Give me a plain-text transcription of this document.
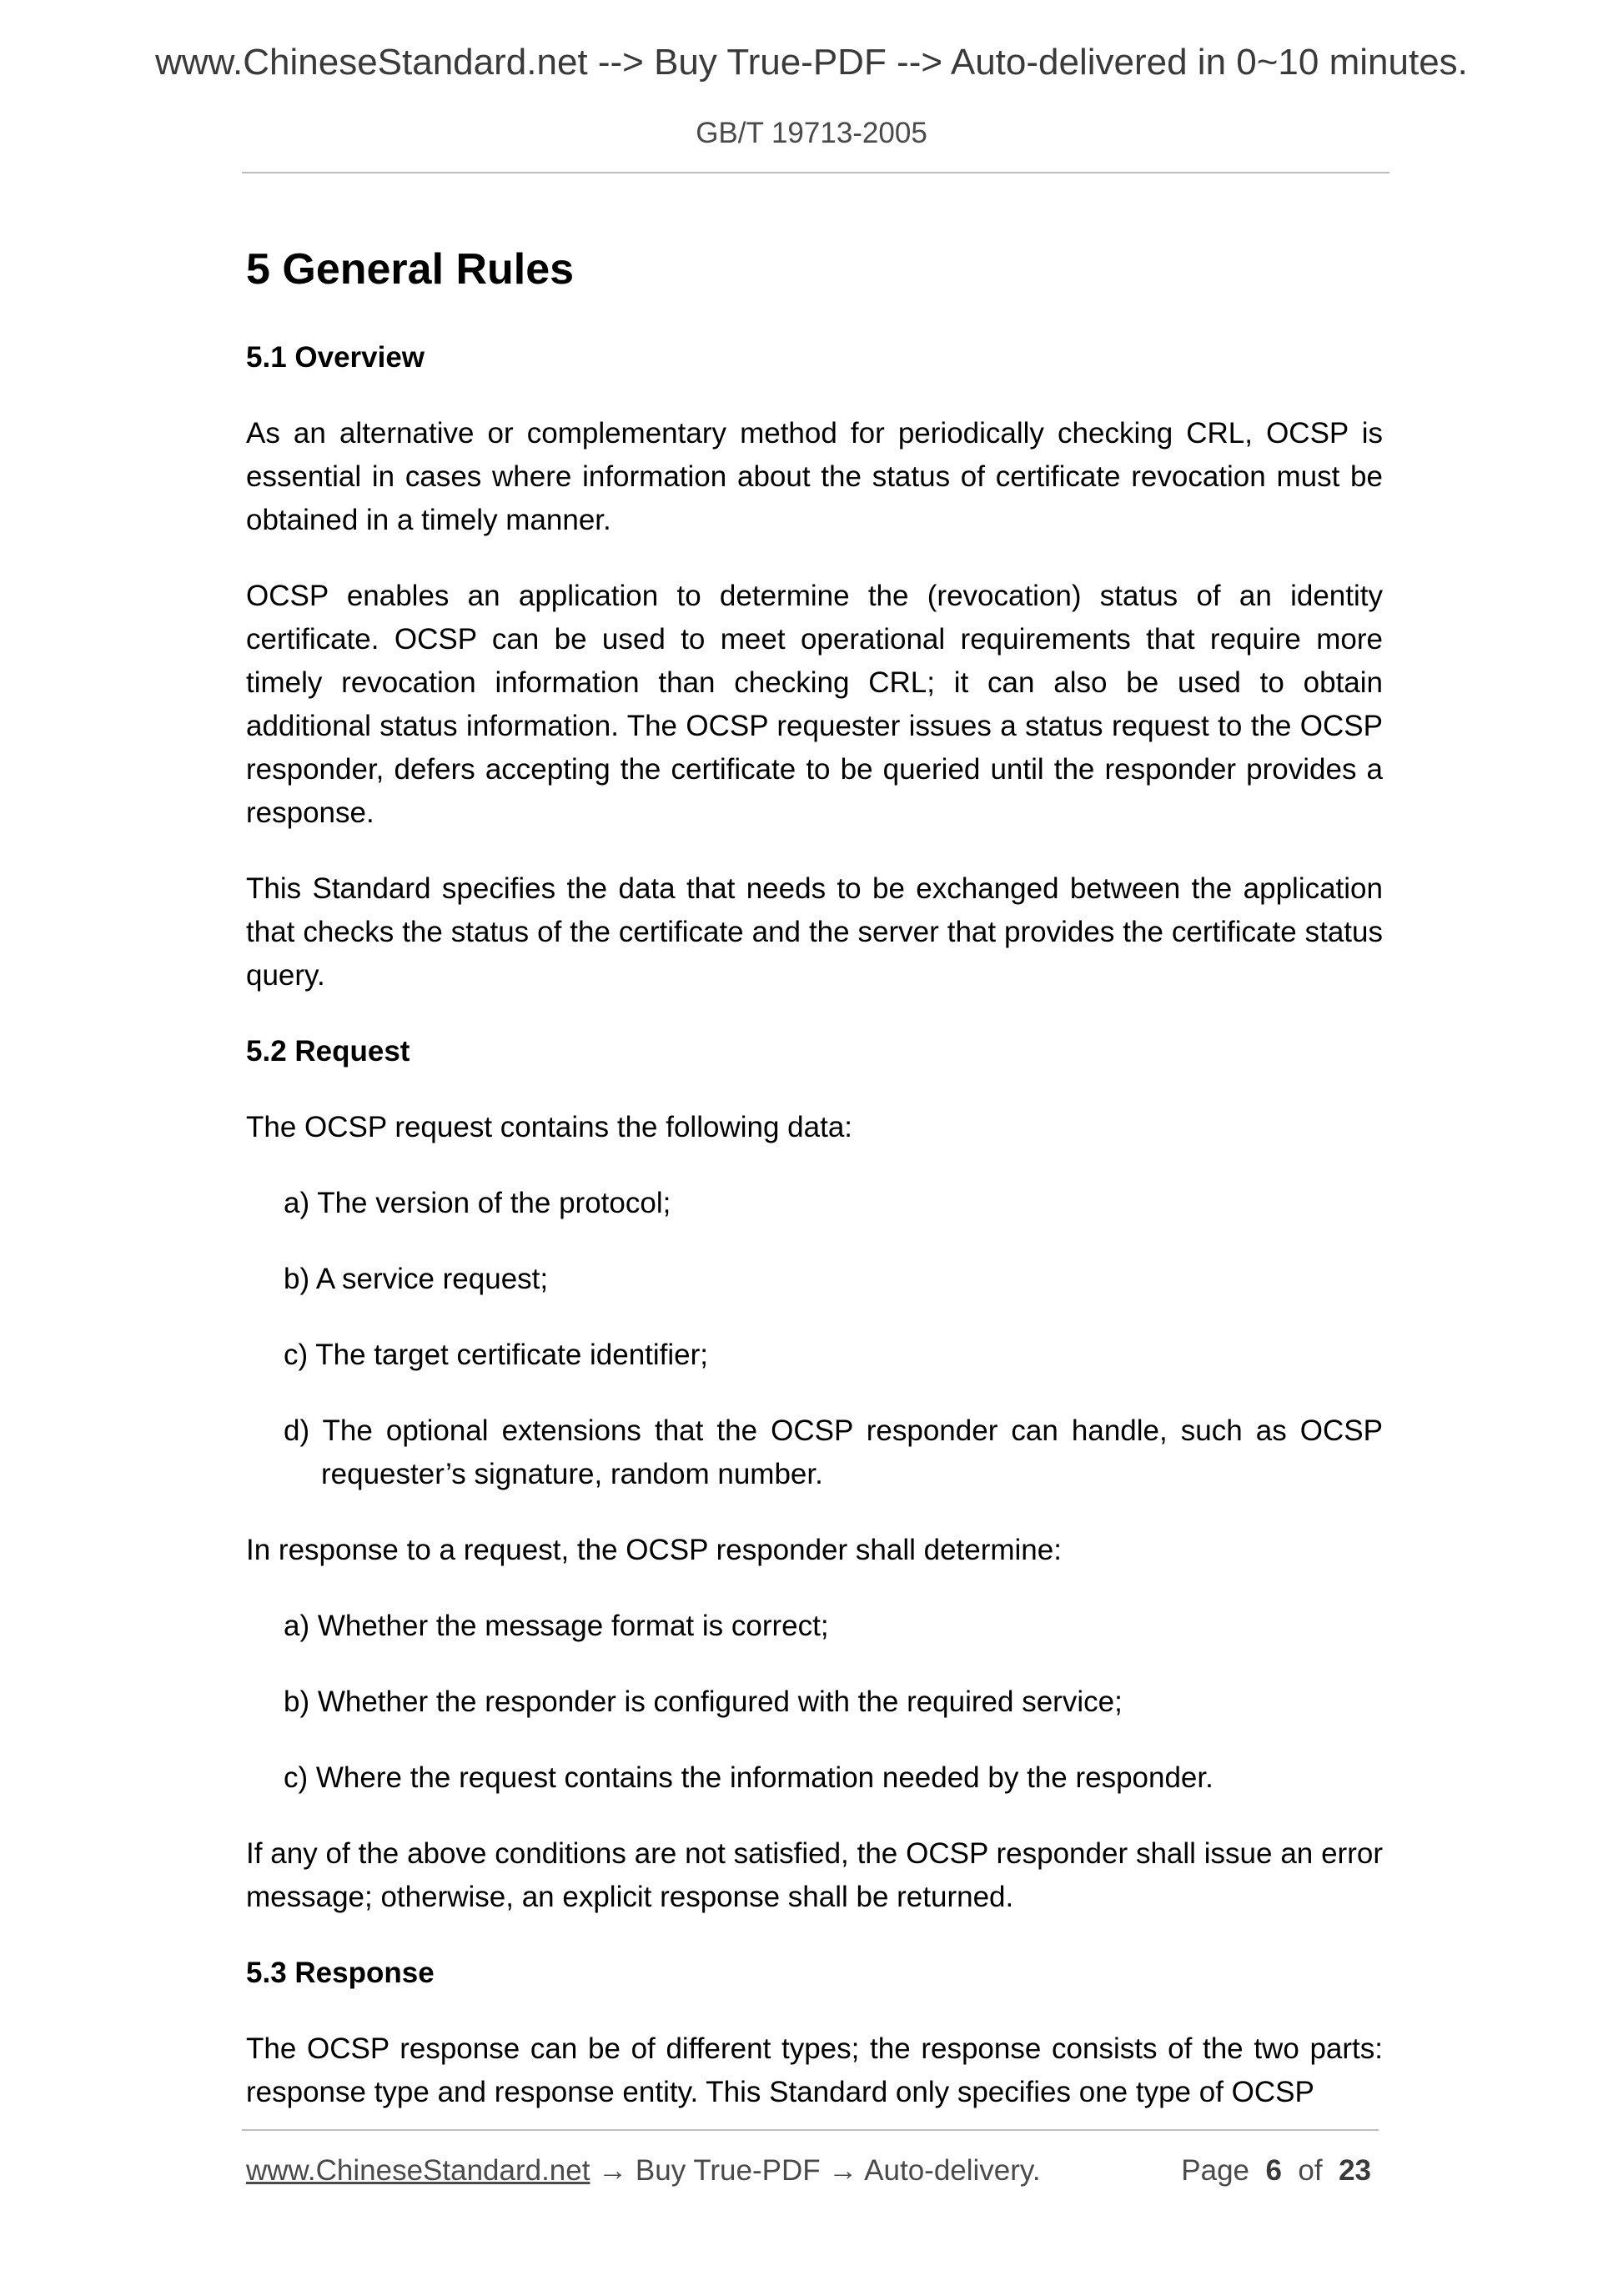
www.ChineseStandard.net --> Buy True-PDF --> Auto-delivered in 0~10 minutes.
GB/T 19713-2005
5 General Rules
5.1 Overview

As an alternative or complementary method for periodically checking CRL, OCSP is essential in cases where information about the status of certificate revocation must be obtained in a timely manner.

OCSP enables an application to determine the (revocation) status of an identity certificate. OCSP can be used to meet operational requirements that require more timely revocation information than checking CRL; it can also be used to obtain additional status information. The OCSP requester issues a status request to the OCSP responder, defers accepting the certificate to be queried until the responder provides a response.

This Standard specifies the data that needs to be exchanged between the application that checks the status of the certificate and the server that provides the certificate status query.

5.2 Request

The OCSP request contains the following data:

a) The version of the protocol;

b) A service request;

c) The target certificate identifier;

d) The optional extensions that the OCSP responder can handle, such as OCSP requester’s signature, random number.

In response to a request, the OCSP responder shall determine:

a) Whether the message format is correct;

b) Whether the responder is configured with the required service;

c) Where the request contains the information needed by the responder.

If any of the above conditions are not satisfied, the OCSP responder shall issue an error message; otherwise, an explicit response shall be returned.

5.3 Response

The OCSP response can be of different types; the response consists of the two parts: response type and response entity. This Standard only specifies one type of OCSP

www.ChineseStandard.net → Buy True-PDF → Auto-delivery.	Page 6 of 23
